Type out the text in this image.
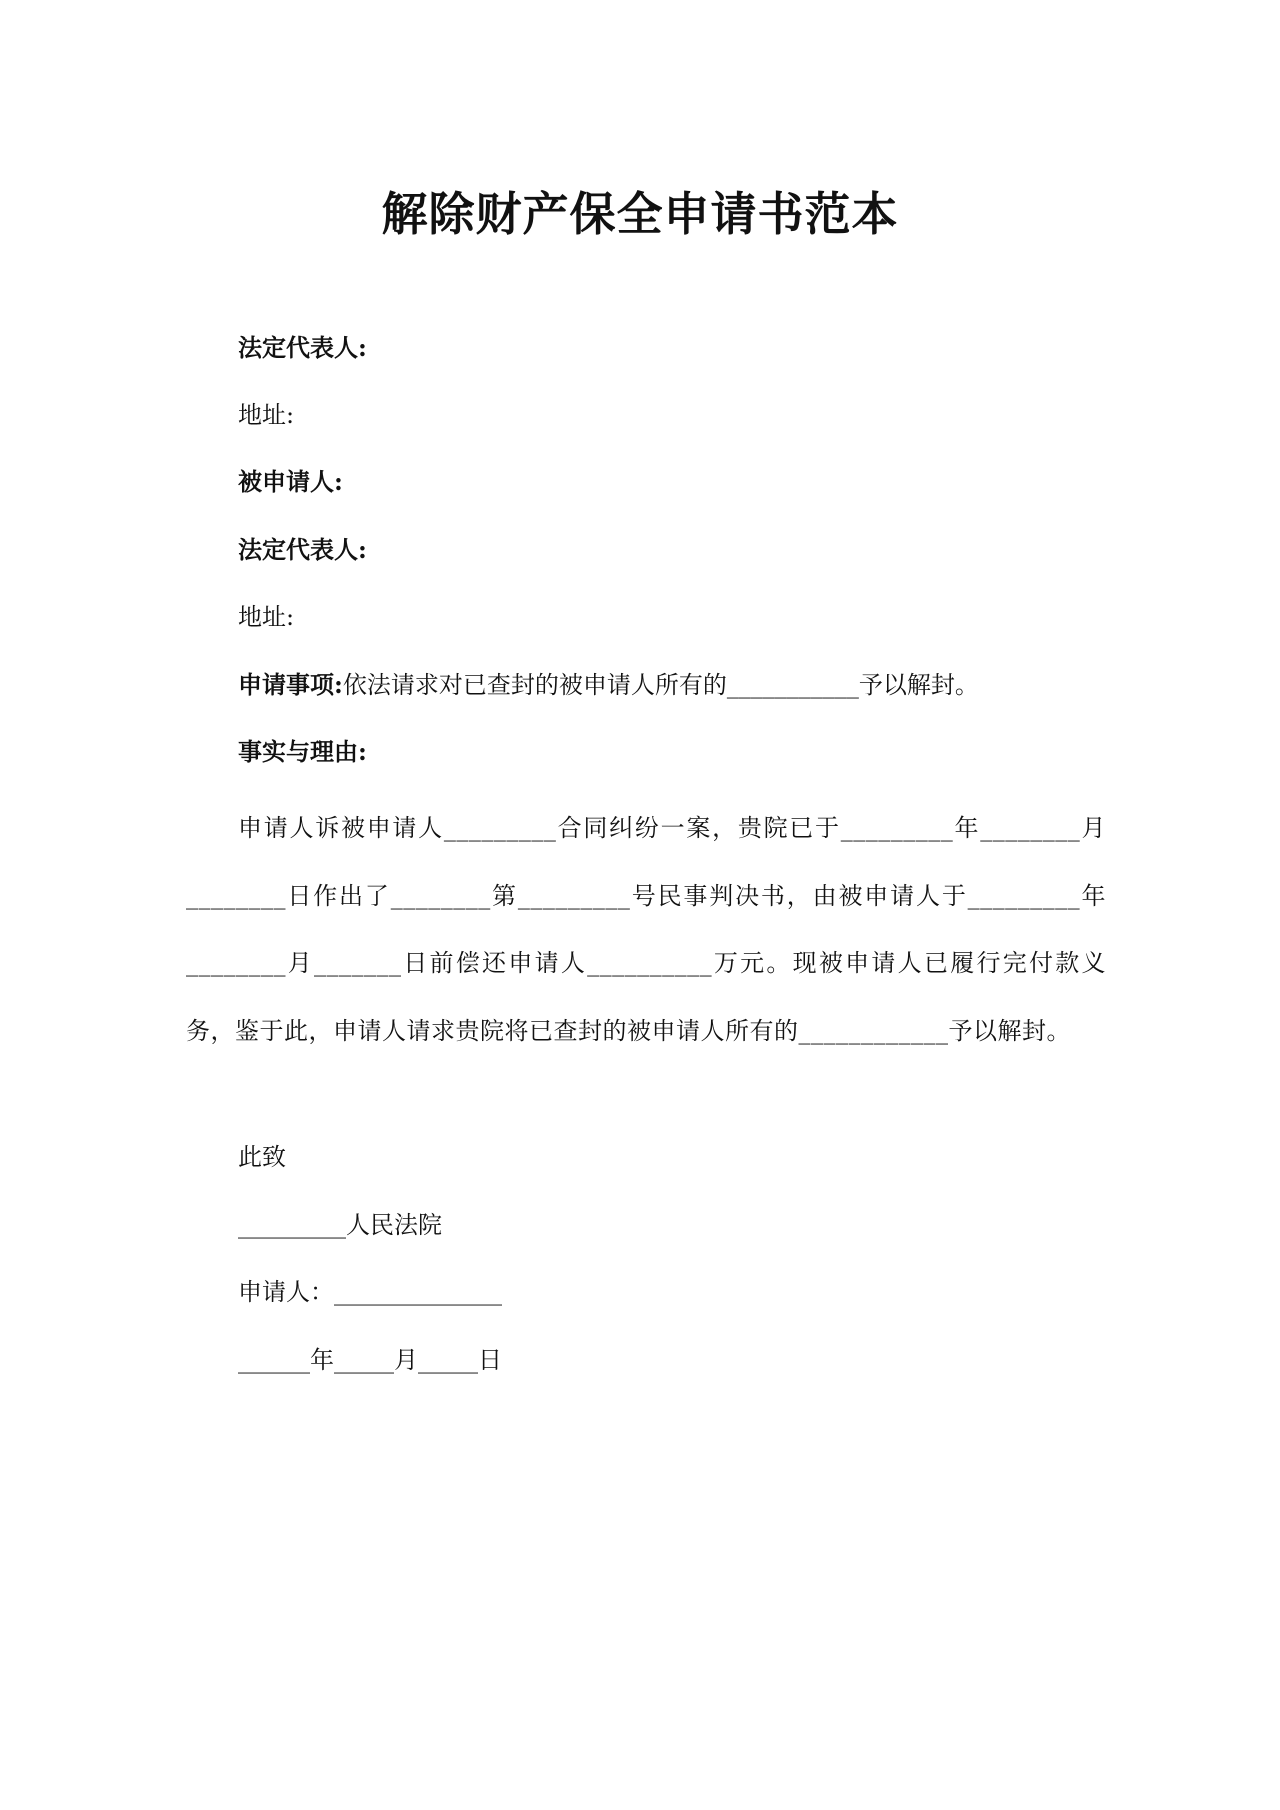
解除财产保全申请书范本
法定代表人:
地址:
被申请人:
法定代表人:
地址:
申请事项:依法请求对已查封的被申请人所有的___________予以解封。
事实与理由:
申请人诉被申请人_________合同纠纷一案，贵院已于_________年________月________日作出了________第_________号民事判决书，由被申请人于_________年________月_______日前偿还申请人__________万元。现被申请人已履行完付款义务，鉴于此，申请人请求贵院将已查封的被申请人所有的____________予以解封。
此致
_________人民法院
申请人：______________
______年_____月_____日
